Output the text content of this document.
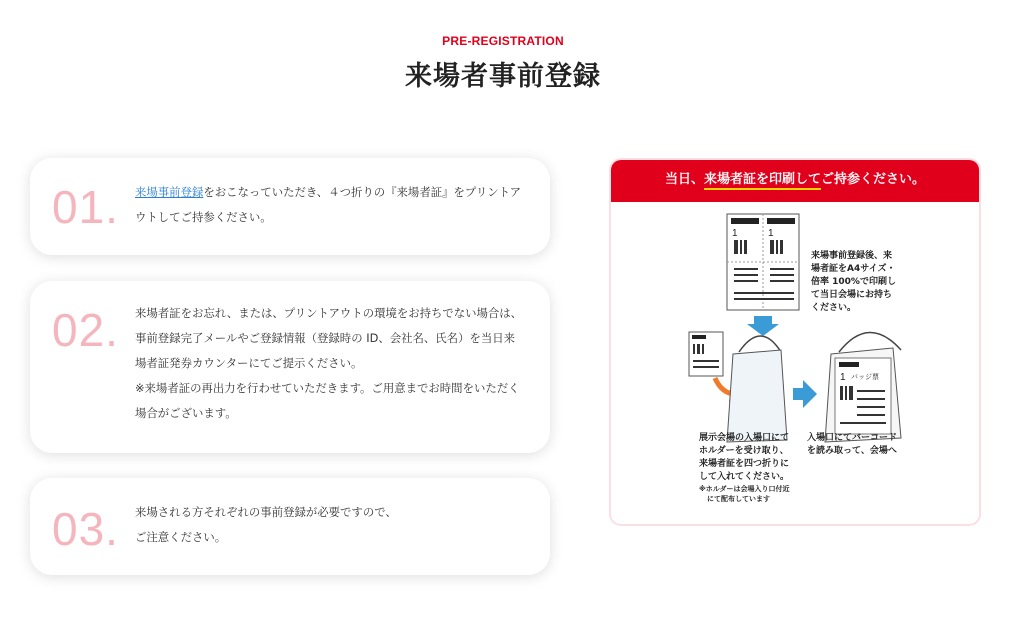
PRE-REGISTRATION
来場者事前登録
01. 来場事前登録をおこなっていただき、４つ折りの『来場者証』をプリントアウトしてご持参ください。
02. 来場者証をお忘れ、または、プリントアウトの環境をお持ちでない場合は、事前登録完了メールやご登録情報（登録時の ID、会社名、氏名）を当日来場者証発券カウンターにてご提示ください。
※来場者証の再出力を行わせていただきます。ご用意までお時間をいただく場合がございます。
03. 来場される方それぞれの事前登録が必要ですので、
ご注意ください。
当日、来場者証を印刷してご持参ください。
1	1
1 バッジ票
来場事前登録後、来
場者証をA4サイズ・
倍率 100%で印刷し
て当日会場にお持ち
ください。
展示会場の入場口にて
ホルダーを受け取り、
来場者証を四つ折りに
して入れてください。
※ホルダーは会場入り口付近
にて配布しています
入場口にてバーコード
を読み取って、会場へ
